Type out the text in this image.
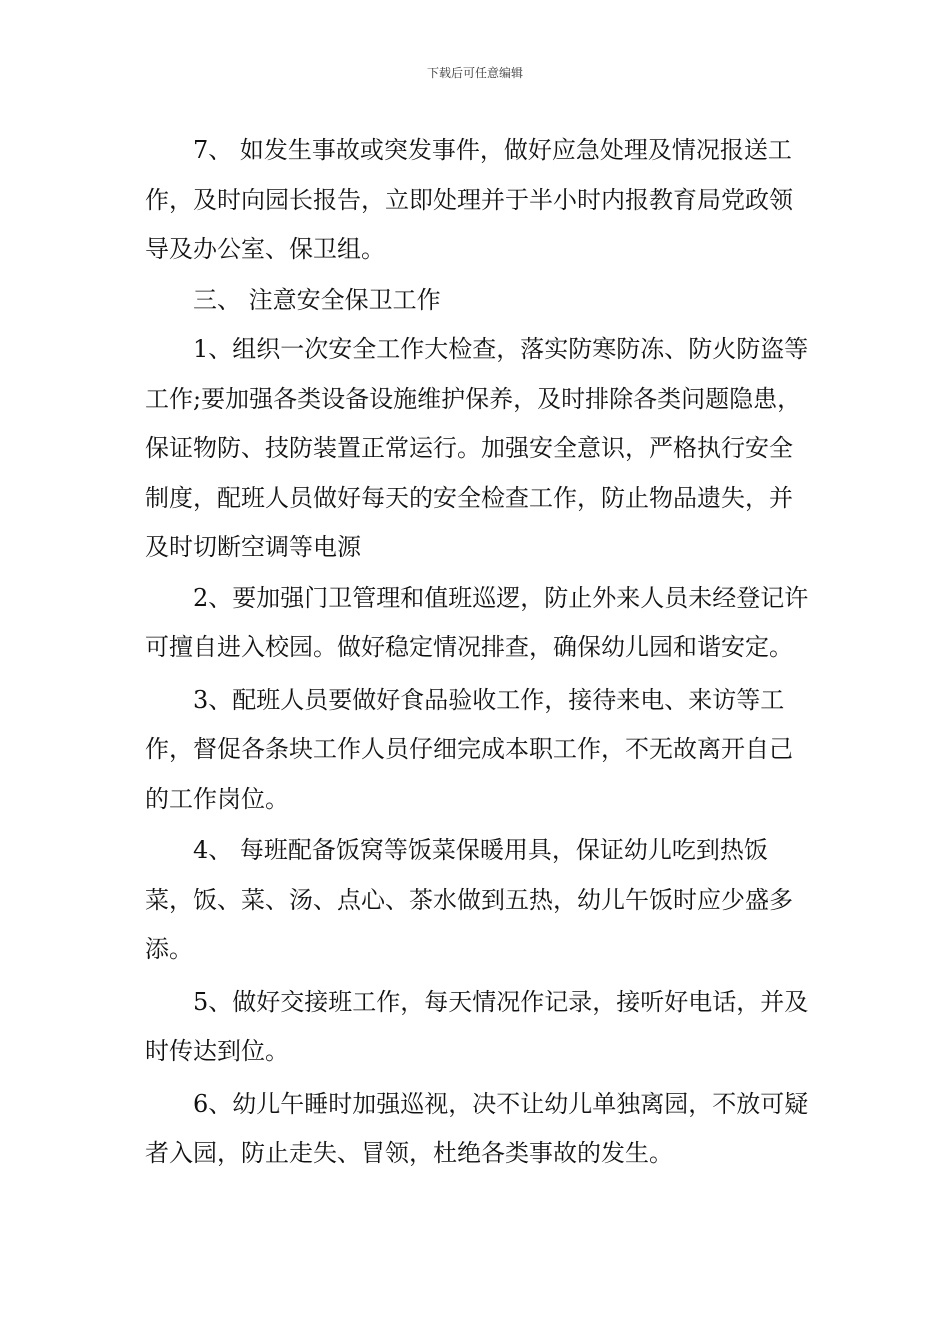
下载后可任意编辑

7、 如发生事故或突发事件，做好应急处理及情况报送工作，及时向园长报告，立即处理并于半小时内报教育局党政领导及办公室、保卫组。

三、 注意安全保卫工作

1、组织一次安全工作大检查，落实防寒防冻、防火防盗等工作;要加强各类设备设施维护保养，及时排除各类问题隐患，保证物防、技防装置正常运行。加强安全意识，严格执行安全制度，配班人员做好每天的安全检查工作，防止物品遗失，并及时切断空调等电源

2、要加强门卫管理和值班巡逻，防止外来人员未经登记许可擅自进入校园。做好稳定情况排查，确保幼儿园和谐安定。

3、配班人员要做好食品验收工作，接待来电、来访等工作，督促各条块工作人员仔细完成本职工作，不无故离开自己的工作岗位。

4、 每班配备饭窝等饭菜保暖用具，保证幼儿吃到热饭菜，饭、菜、汤、点心、茶水做到五热，幼儿午饭时应少盛多添。

5、做好交接班工作，每天情况作记录，接听好电话，并及时传达到位。

6、幼儿午睡时加强巡视，决不让幼儿单独离园，不放可疑者入园，防止走失、冒领，杜绝各类事故的发生。
